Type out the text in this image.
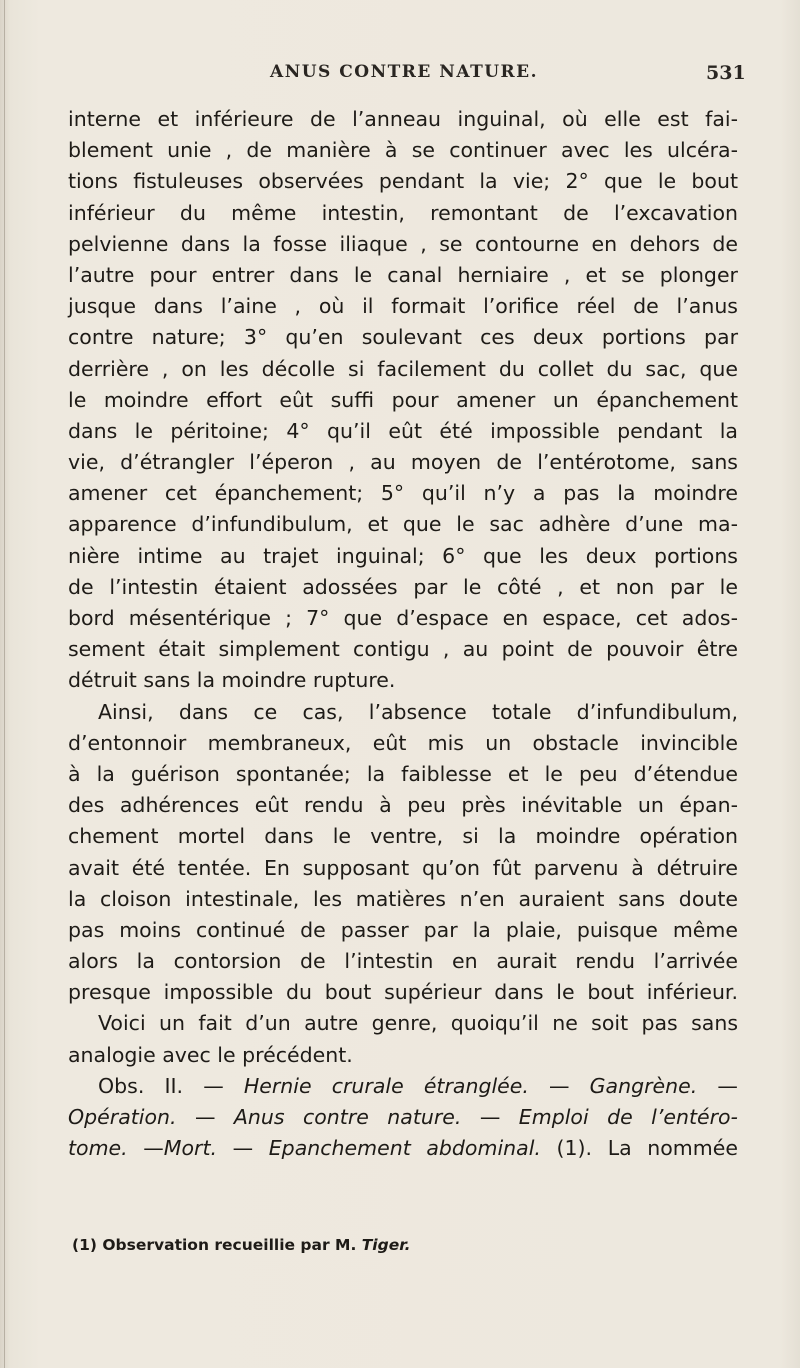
ANUS CONTRE NATURE.	531
interne et inférieure de l’anneau inguinal, où elle est fai-
blement unie , de manière à se continuer avec les ulcéra-
tions fistuleuses observées pendant la vie; 2° que le bout
inférieur du même intestin, remontant de l’excavation
pelvienne dans la fosse iliaque , se contourne en dehors de
l’autre pour entrer dans le canal herniaire , et se plonger
jusque dans l’aine , où il formait l’orifice réel de l’anus
contre nature; 3° qu’en soulevant ces deux portions par
derrière , on les décolle si facilement du collet du sac, que
le moindre effort eût suffi pour amener un épanchement
dans le péritoine; 4° qu’il eût été impossible pendant la
vie, d’étrangler l’éperon , au moyen de l’entérotome, sans
amener cet épanchement; 5° qu’il n’y a pas la moindre
apparence d’infundibulum, et que le sac adhère d’une ma-
nière intime au trajet inguinal; 6° que les deux portions
de l’intestin étaient adossées par le côté , et non par le
bord mésentérique ; 7° que d’espace en espace, cet ados-
sement était simplement contigu , au point de pouvoir être
détruit sans la moindre rupture.
Ainsi, dans ce cas, l’absence totale d’infundibulum,
d’entonnoir membraneux, eût mis un obstacle invincible
à la guérison spontanée; la faiblesse et le peu d’étendue
des adhérences eût rendu à peu près inévitable un épan-
chement mortel dans le ventre, si la moindre opération
avait été tentée. En supposant qu’on fût parvenu à détruire
la cloison intestinale, les matières n’en auraient sans doute
pas moins continué de passer par la plaie, puisque même
alors la contorsion de l’intestin en aurait rendu l’arrivée
presque impossible du bout supérieur dans le bout inférieur.
Voici un fait d’un autre genre, quoiqu’il ne soit pas sans
analogie avec le précédent.
Obs. II. — Hernie crurale étranglée. — Gangrène. —
Opération. — Anus contre nature. — Emploi de l’entéro-
tome. —Mort. — Epanchement abdominal. (1). La nommée
(1) Observation recueillie par M. Tiger.
